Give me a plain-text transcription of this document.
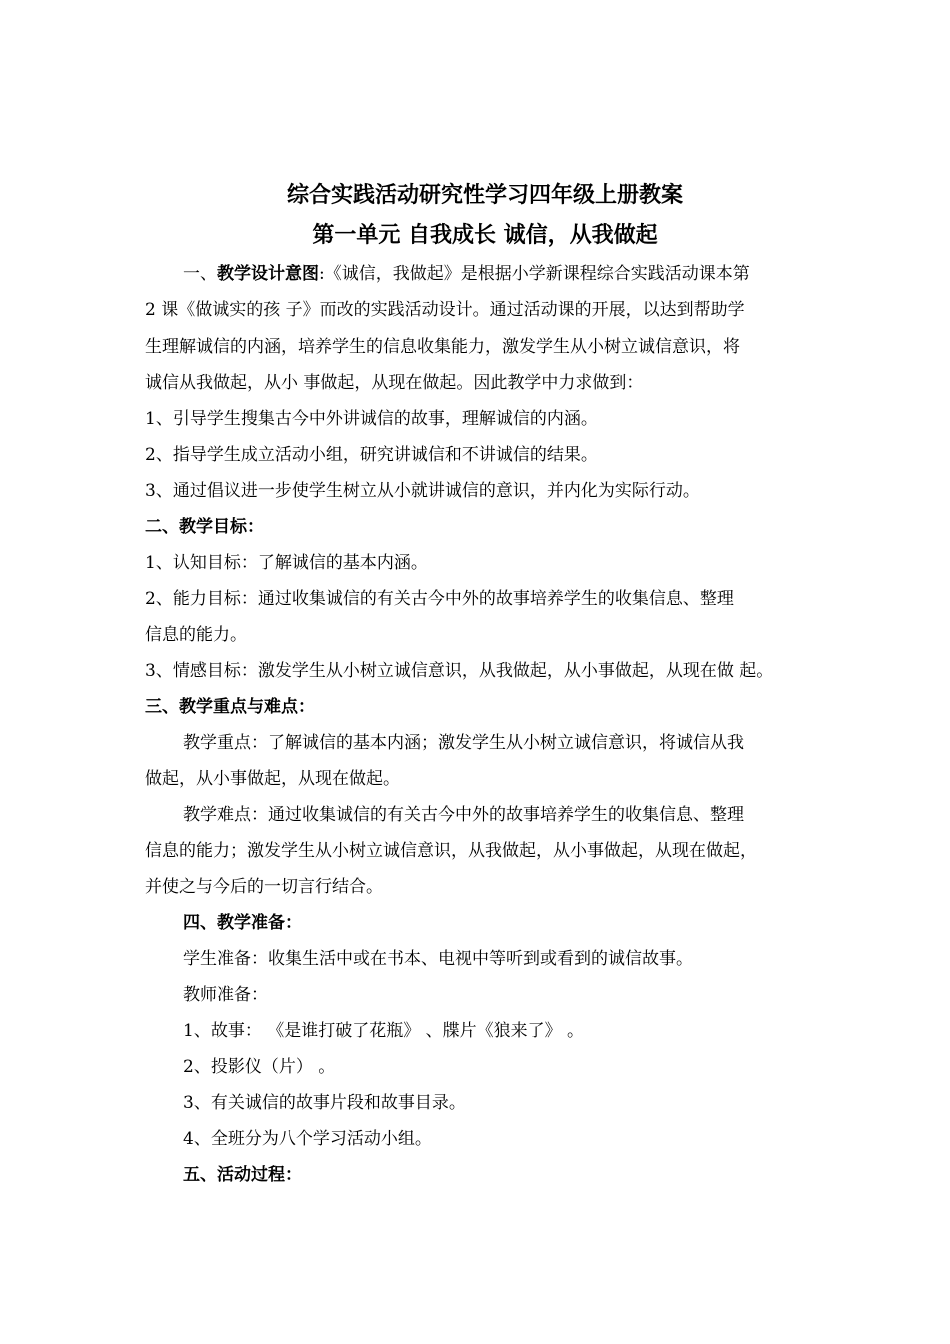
综合实践活动研究性学习四年级上册教案
第一单元 自我成长 诚信，从我做起
一、教学设计意图:《诚信，我做起》是根据小学新课程综合实践活动课本第
2 课《做诚实的孩 子》而改的实践活动设计。通过活动课的开展，以达到帮助学
生理解诚信的内涵，培养学生的信息收集能力，激发学生从小树立诚信意识，将
诚信从我做起，从小 事做起，从现在做起。因此教学中力求做到：
1、引导学生搜集古今中外讲诚信的故事，理解诚信的内涵。
2、指导学生成立活动小组，研究讲诚信和不讲诚信的结果。
3、通过倡议进一步使学生树立从小就讲诚信的意识，并内化为实际行动。
二、教学目标：
1、认知目标：了解诚信的基本内涵。
2、能力目标：通过收集诚信的有关古今中外的故事培养学生的收集信息、整理
信息的能力。
3、情感目标：激发学生从小树立诚信意识，从我做起，从小事做起，从现在做 起。
三、教学重点与难点：
教学重点：了解诚信的基本内涵；激发学生从小树立诚信意识，将诚信从我
做起，从小事做起，从现在做起。
教学难点：通过收集诚信的有关古今中外的故事培养学生的收集信息、整理
信息的能力；激发学生从小树立诚信意识，从我做起，从小事做起，从现在做起，
并使之与今后的一切言行结合。
四、教学准备：
学生准备：收集生活中或在书本、电视中等听到或看到的诚信故事。
教师准备：
1、故事： 《是谁打破了花瓶》 、牒片《狼来了》 。
2、投影仪（片） 。
3、有关诚信的故事片段和故事目录。
4、全班分为八个学习活动小组。
五、活动过程：
